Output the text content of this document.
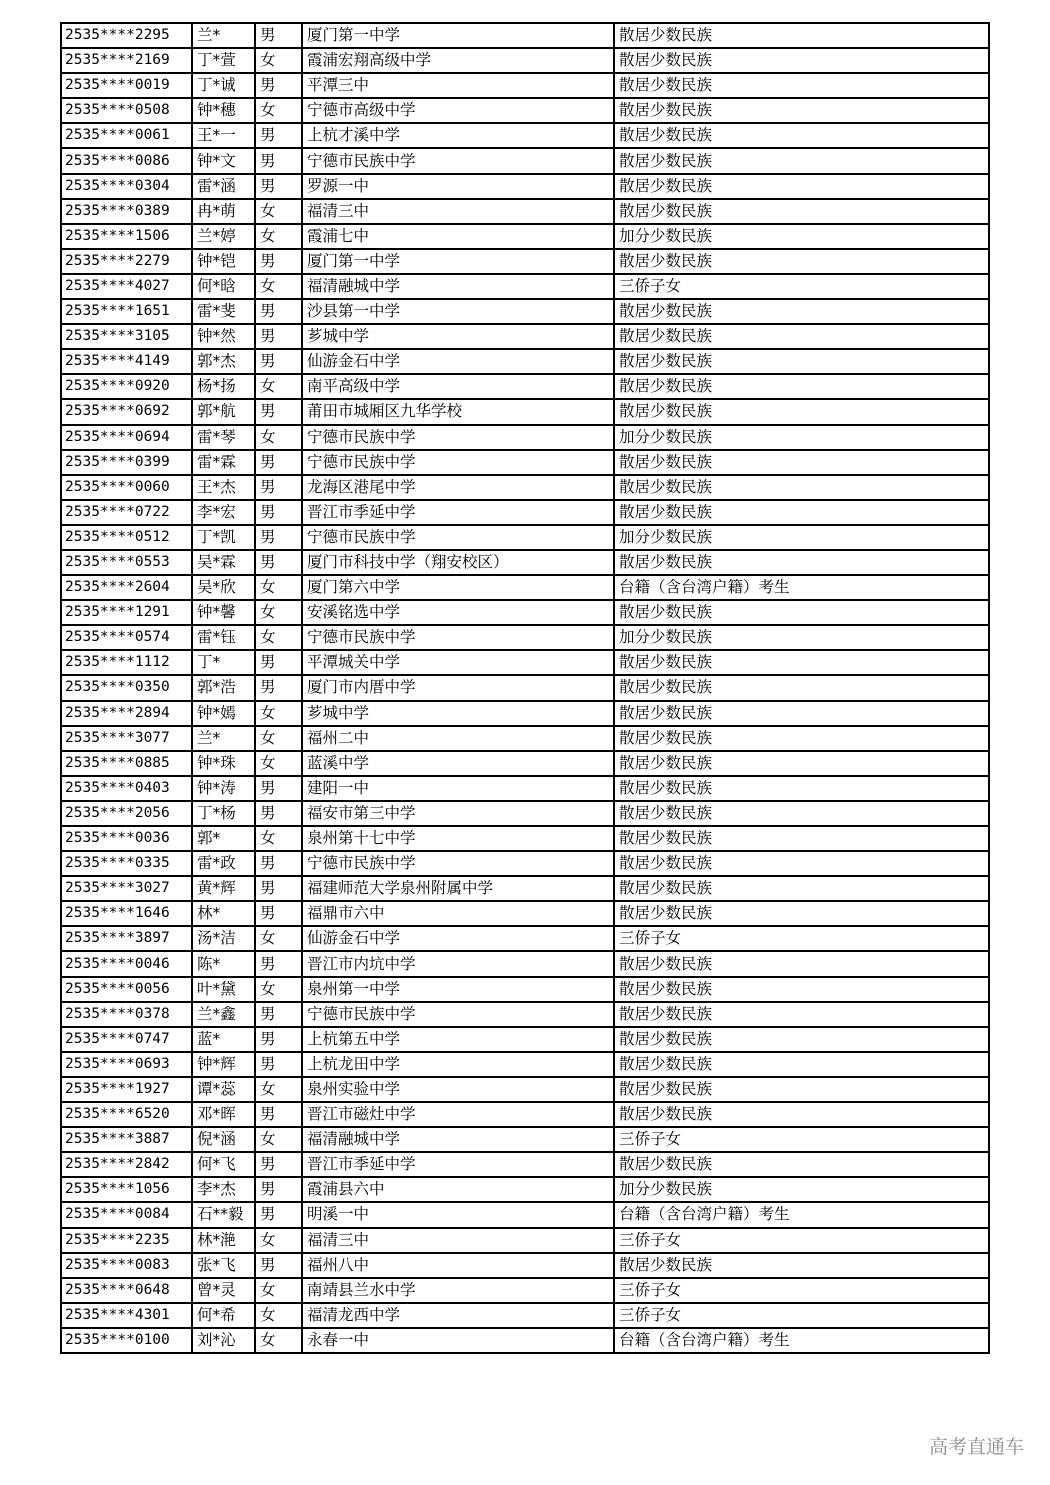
2535****2295	兰*	男	厦门第一中学	散居少数民族
2535****2169	丁*萱	女	霞浦宏翔高级中学	散居少数民族
2535****0019	丁*诚	男	平潭三中	散居少数民族
2535****0508	钟*穗	女	宁德市高级中学	散居少数民族
2535****0061	王*一	男	上杭才溪中学	散居少数民族
2535****0086	钟*文	男	宁德市民族中学	散居少数民族
2535****0304	雷*涵	男	罗源一中	散居少数民族
2535****0389	冉*萌	女	福清三中	散居少数民族
2535****1506	兰*婷	女	霞浦七中	加分少数民族
2535****2279	钟*铠	男	厦门第一中学	散居少数民族
2535****4027	何*晗	女	福清融城中学	三侨子女
2535****1651	雷*斐	男	沙县第一中学	散居少数民族
2535****3105	钟*然	男	芗城中学	散居少数民族
2535****4149	郭*杰	男	仙游金石中学	散居少数民族
2535****0920	杨*扬	女	南平高级中学	散居少数民族
2535****0692	郭*航	男	莆田市城厢区九华学校	散居少数民族
2535****0694	雷*琴	女	宁德市民族中学	加分少数民族
2535****0399	雷*霖	男	宁德市民族中学	散居少数民族
2535****0060	王*杰	男	龙海区港尾中学	散居少数民族
2535****0722	李*宏	男	晋江市季延中学	散居少数民族
2535****0512	丁*凯	男	宁德市民族中学	加分少数民族
2535****0553	吴*霖	男	厦门市科技中学（翔安校区）	散居少数民族
2535****2604	吴*欣	女	厦门第六中学	台籍（含台湾户籍）考生
2535****1291	钟*馨	女	安溪铭选中学	散居少数民族
2535****0574	雷*钰	女	宁德市民族中学	加分少数民族
2535****1112	丁*	男	平潭城关中学	散居少数民族
2535****0350	郭*浩	男	厦门市内厝中学	散居少数民族
2535****2894	钟*嫣	女	芗城中学	散居少数民族
2535****3077	兰*	女	福州二中	散居少数民族
2535****0885	钟*珠	女	蓝溪中学	散居少数民族
2535****0403	钟*涛	男	建阳一中	散居少数民族
2535****2056	丁*杨	男	福安市第三中学	散居少数民族
2535****0036	郭*	女	泉州第十七中学	散居少数民族
2535****0335	雷*政	男	宁德市民族中学	散居少数民族
2535****3027	黄*辉	男	福建师范大学泉州附属中学	散居少数民族
2535****1646	林*	男	福鼎市六中	散居少数民族
2535****3897	汤*洁	女	仙游金石中学	三侨子女
2535****0046	陈*	男	晋江市内坑中学	散居少数民族
2535****0056	叶*黛	女	泉州第一中学	散居少数民族
2535****0378	兰*鑫	男	宁德市民族中学	散居少数民族
2535****0747	蓝*	男	上杭第五中学	散居少数民族
2535****0693	钟*辉	男	上杭龙田中学	散居少数民族
2535****1927	谭*蕊	女	泉州实验中学	散居少数民族
2535****6520	邓*晖	男	晋江市磁灶中学	散居少数民族
2535****3887	倪*涵	女	福清融城中学	三侨子女
2535****2842	何*飞	男	晋江市季延中学	散居少数民族
2535****1056	李*杰	男	霞浦县六中	加分少数民族
2535****0084	石**毅	男	明溪一中	台籍（含台湾户籍）考生
2535****2235	林*滟	女	福清三中	三侨子女
2535****0083	张*飞	男	福州八中	散居少数民族
2535****0648	曾*灵	女	南靖县兰水中学	三侨子女
2535****4301	何*希	女	福清龙西中学	三侨子女
2535****0100	刘*沁	女	永春一中	台籍（含台湾户籍）考生
高考直通车
